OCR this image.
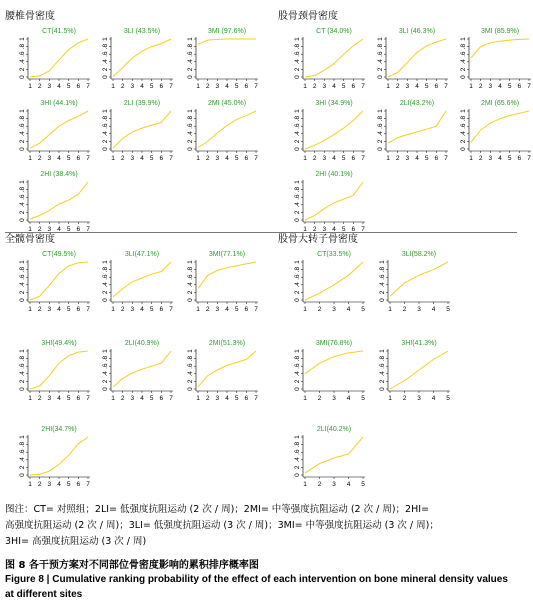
腰椎骨密度	股骨颈骨密度
全髋骨密度	股骨大转子骨密度
CT(41.5%)
0
2
.4
.6
.8
1
1 2 3 4 5 6 7
3LI (43.5%)
0
2
.4
.6
.8
1
1 2 3 4 5 6 7
3MI (97.6%)
0
2
.4
.6
.8
1
1 2 3 4 5 6 7
3HI (44.1%)
0
2
.4
.6
.8
1
1 2 3 4 5 6 7
2LI (39.9%)
0
2
.4
.6
.8
1
1 2 3 4 5 6 7
2MI (45.0%)
0
2
.4
.6
.8
1
1 2 3 4 5 6 7
2HI (38.4%)
0
2
.4
.6
.8
1
1 2 3 4 5 6 7
CT (34.0%)
0
2
.4
.6
.8
1
1 2 3 4 5 6 7
3LI (46.3%)
0
2
.4
.6
.8
1
1 2 3 4 5 6 7
3MI (85.9%)
0
2
.4
.6
.8
1
1 2 3 4 5 6 7
3HI (34.9%)
0
2
.4
.6
.8
1
1 2 3 4 5 6 7
2LI(43.2%)
0
2
.4
.6
.8
1
1 2 3 4 5 6 7
2MI (65.6%)
0
2
.4
.6
.8
1
1 2 3 4 5 6 7
2HI (40.1%)
0
2
.4
.6
.8
1
1 2 3 4 5 6 7
CT(49.5%)
0
2
.4
.6
.8
1
1 2 3 4 5 6 7
3LI(47.1%)
0
2
.4
.6
.8
1
1 2 3 4 5 6 7
3MI(77.1%)
0
2
.4
.6
.8
1
1 2 3 4 5 6 7
3HI(49.4%)
0
2
.4
.6
.8
1
1 2 3 4 5 6 7
2LI(40.9%)
0
2
.4
.6
.8
1
1 2 3 4 5 6 7
2MI(51.3%)
0
2
.4
.6
.8
1
1 2 3 4 5 6 7
2HI(34.7%)
0
2
.4
.6
.8
1
1 2 3 4 5 6 7
CT(33.5%)
0
2
.4
.6
.8
1
1 2 3 4 5
3LI(58.2%)
0
2
.4
.6
.8
1
1 2 3 4 5
3MI(76.8%)
0
2
.4
.6
.8
1
1 2 3 4 5
3HI(41.3%)
0
2
.4
.6
.8
1
1 2 3 4 5
2LI(40.2%)
0
2
.4
.6
.8
1
1 2 3 4 5
图注：CT= 对照组；2LI= 低强度抗阻运动 (2 次 / 周)；2MI= 中等强度抗阻运动 (2 次 / 周)；2HI=
高强度抗阻运动 (2 次 / 周)；3LI= 低强度抗阻运动 (3 次 / 周)；3MI= 中等强度抗阻运动 (3 次 / 周)；
3HI= 高强度抗阻运动 (3 次 / 周)
图 8 各干预方案对不同部位骨密度影响的累积排序概率图
Figure 8 | Cumulative ranking probability of the effect of each intervention on bone mineral density values at different sites
